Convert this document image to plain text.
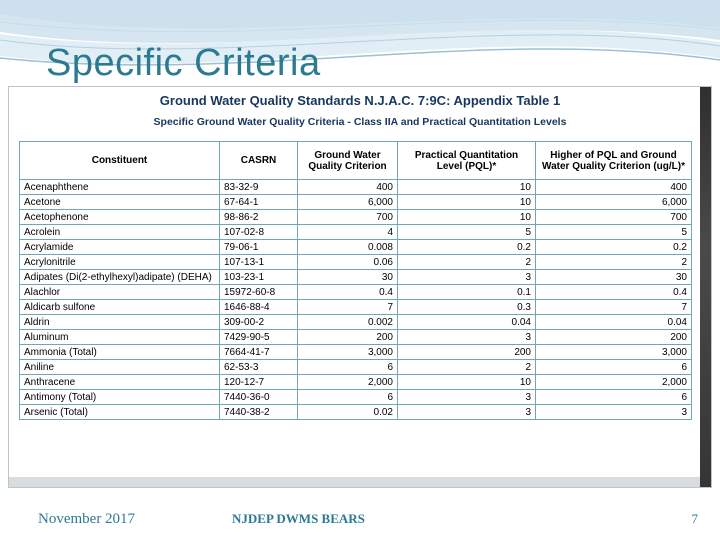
Specific Criteria
Ground Water Quality Standards N.J.A.C. 7:9C: Appendix Table 1
Specific Ground Water Quality Criteria - Class IIA and Practical Quantitation Levels
Constituent	CASRN	Ground Water Quality Criterion	Practical Quantitation Level (PQL)*	Higher of PQL and Ground Water Quality Criterion (ug/L)*
Acenaphthene	83-32-9	400	10	400
Acetone	67-64-1	6,000	10	6,000
Acetophenone	98-86-2	700	10	700
Acrolein	107-02-8	4	5	5
Acrylamide	79-06-1	0.008	0.2	0.2
Acrylonitrile	107-13-1	0.06	2	2
Adipates (Di(2-ethylhexyl)adipate) (DEHA)	103-23-1	30	3	30
Alachlor	15972-60-8	0.4	0.1	0.4
Aldicarb sulfone	1646-88-4	7	0.3	7
Aldrin	309-00-2	0.002	0.04	0.04
Aluminum	7429-90-5	200	3	200
Ammonia (Total)	7664-41-7	3,000	200	3,000
Aniline	62-53-3	6	2	6
Anthracene	120-12-7	2,000	10	2,000
Antimony (Total)	7440-36-0	6	3	6
Arsenic (Total)	7440-38-2	0.02	3	3
November 2017	NJDEP DWMS BEARS	7
